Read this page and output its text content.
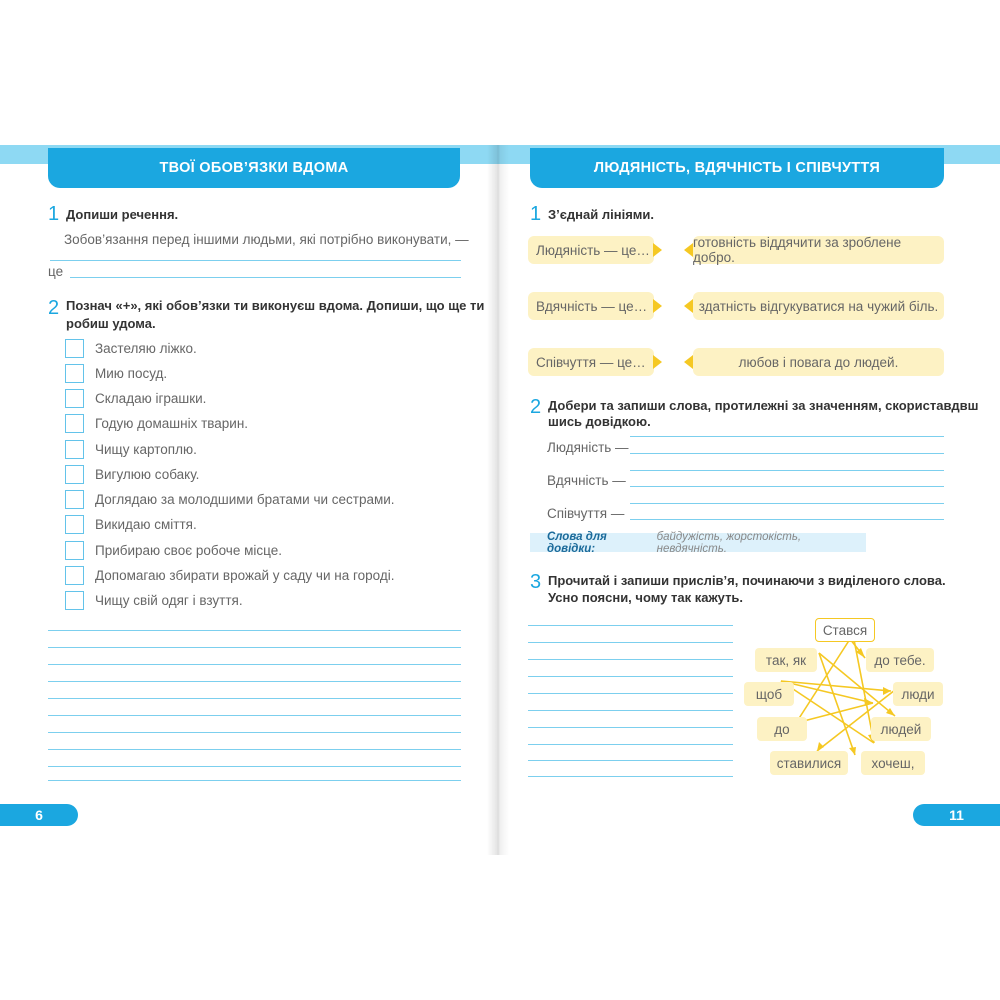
ТВОЇ ОБОВ’ЯЗКИ ВДОМА
1 Допиши речення.
Зобов’язання перед іншими людьми, які потрібно виконувати, —
це
2 Познач «+», які обов’язки ти виконуєш вдома. Допиши, що ще ти
робиш удома.
Застеляю ліжко.
Мию посуд.
Складаю іграшки.
Годую домашніх тварин.
Чищу картоплю.
Вигулюю собаку.
Доглядаю за молодшими братами чи сестрами.
Викидаю сміття.
Прибираю своє робоче місце.
Допомагаю збирати врожай у саду чи на городі.
Чищу свій одяг і взуття.
6
ЛЮДЯНІСТЬ, ВДЯЧНІСТЬ І СПІВЧУТТЯ
1 З’єднай лініями.
Людяність — це…	готовність віддячити за зроблене добро.
Вдячність — це…	здатність відгукуватися на чужий біль.
Співчуття — це…	любов і повага до людей.
2 Добери та запиши слова, протилежні за значенням, скориставдвш
шись довідкою.
Людяність —
Вдячність —
Співчуття —
Слова для довідки:
байдужість, жорстокість, невдячність.
3 Прочитай і запиши прислів’я, починаючи з виділеного слова.
Усно поясни, чому так кажуть.
Стався
так, як	до тебе.
щоб	люди
до	людей
ставилися	хочеш,
11
